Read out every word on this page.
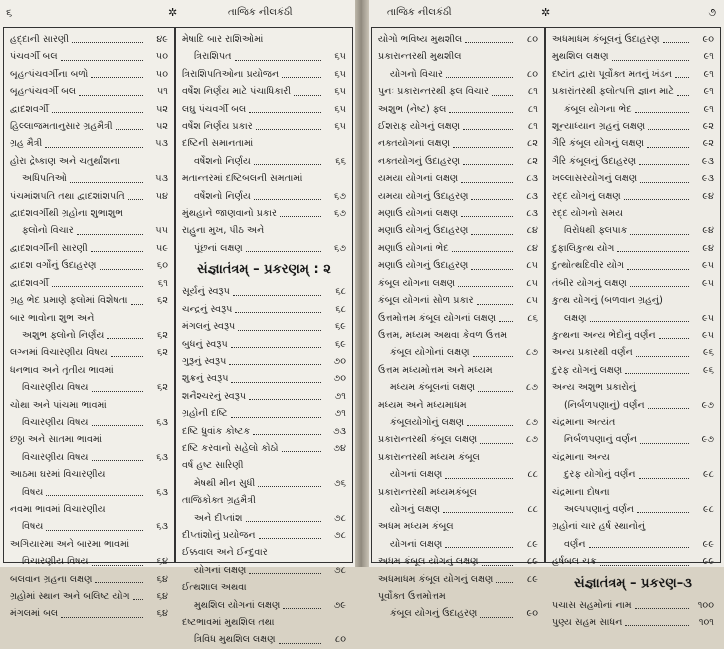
૬	✲	તાજિક નીલકંઠી
હદ્દાની સારણી	૪૯
પંચવર્ગી બલ	૫૦
બૃહત્પંચવર્ગીના બળો	૫૦
બૃહત્પંચવર્ગી બલ	૫૧
દ્વાદશવર્ગી	૫૨
હિલ્લાજમતાનુસાર ગ્રહમૈત્રી	૫૨
ગ્રહ મૈત્રી	૫૩
હોરા દ્રેષ્કાણ અને ચતુર્થાંશના
અધિપતિઓ	૫૩
પંચમાંશપતિ તથા દ્વાદશાંશપતિ	૫૪
દ્વાદશવર્ગીથી ગ્રહોના શુભાશુભ
ફ્લોનો વિચાર	૫૫
દ્વાદશવર્ગીની સારણી	૫૯
દ્વાદશ વર્ગોનું ઉદાહરણ	૬૦
દ્વાદશવર્ગી	૬૧
ગ્રહ ભેદ પ્રમાણે ફ્લોમાં વિશેષતા	૬૨
બાર ભાવોના શુભ અને
અશુભ ફ્લોનો નિર્ણય	૬૨
લગ્નમાં વિચારણીય વિષય	૬૨
ધનભાવ અને તૃતીય ભાવમાં
વિચારણીય વિષય	૬૨
ચોથા અને પાંચમા ભાવમાં
વિચારણીય વિષય	૬૩
છઠ્ઠા અને સાતમા ભાવમાં
વિચારણીય વિષય	૬૩
આઠમા ઘરમાં વિચારણીય
વિષય	૬૩
નવમા ભાવમાં વિચારણીય
વિષય	૬૩
અગિયારમા અને બારમા ભાવમાં
વિચારણીય વિષય	૬૪
બલવાન ગ્રહના લક્ષણ	૬૪
ગ્રહોમાં સ્થાન અને બલિષ્ટ યોગ	૬૪
મંગલમાં બલ	૬૪
મેષાદિ બાર રાશિઓમાં
ત્રિરાશિપત	૬૫
ત્રિરાશિપતિઓના પ્રયોજન	૬૫
વર્ષેશ નિર્ણય માટે પંચાધિકારી	૬૫
લઘુ પંચવર્ગી બલ	૬૫
વર્ષેશ નિર્ણય પ્રકાર	૬૫
દષ્ટિની સમાનતામાં
વર્ષેશનો નિર્ણય	૬૬
મતાન્તરમાં દષ્ટિબલની સમતામાં
વર્ષેશનો નિર્ણય	૬૭
મુંથહાને જાણવાનો પ્રકાર	૬૭
રાહુના મુખ, પીઠ અને
પૂંછનાં લક્ષણ	૬૭
સંજ્ઞાતંત્રમ્ – પ્રકરણમ્ : ૨
સૂર્યનું સ્વરૂપ	૬૮
ચન્દ્રનું સ્વરૂપ	૬૮
મંગલનું સ્વરૂપ	૬૯
બુધનું સ્વરૂપ	૬૯
ગુરૂનું સ્વરૂપ	૭૦
શુક્રનું સ્વરૂપ	૭૦
શનૈશ્ચરનું સ્વરૂપ	૭૧
ગ્રહોની દષ્ટિ	૭૧
દષ્ટિ ધ્રુવાંક કોષ્ટક	૭૩
દષ્ટિ કરવાનો સહેલો કોઠો	૭૪
વર્ષ હષ્ટ સારિણી
મેષથી મીન સુધી	૭૬
તાજિકોક્ત ગ્રહમૈત્રી
અને દીપ્તાંશ	૭૮
દીપ્તાંશોનું પ્રયોજન	૭૮
ઈક્કવાલ અને ઈન્દુવાર
યોગનાં લક્ષણ	૭૮
ઈત્થશાલ અથવા
મુથશિલ યોગનાં લક્ષણ	૭૯
દષ્ટભાવમાં મુથશિલ તથા
ત્રિવિધ મુથશિલ લક્ષણ	૮૦
તાજિક નીલકંઠી	✲	૭
યોગો ભવિષ્ય મુથશીલ	૮૦
પ્રકારાન્તરથી મુથશીલ
યોગનો વિચાર	૮૦
પુનઃ પ્રકારાન્તરથી ફ્લ વિચાર	૮૧
અશુભ (નેષ્ટ) ફ્લ	૮૧
ઈશરાફ યોગનું લક્ષણ	૮૧
નક્તયોગનાં લક્ષણ	૮૨
નક્તયોગનું ઉદાહરણ	૮૨
યમયા યોગનાં લક્ષણ	૮૩
યમયા યોગનું ઉદાહરણ	૮૩
મણાઉ યોગનાં લક્ષણ	૮૩
મણાઉ યોગનું ઉદાહરણ	૮૪
મણાઉ યોગનાં ભેદ	૮૪
મણાઉ યોગનું ઉદાહરણ	૮૫
કંબૂલ યોગના લક્ષણ	૮૫
કંબૂલ યોગનાં સોળ પ્રકાર	૮૫
ઉત્તમોત્તમ કંબૂલ યોગનાં લક્ષણ	૮૬
ઉત્તમ, મધ્યમ અથવા કેવળ ઉત્તમ
કંબૂલ યોગોનાં લક્ષણ	૮૭
ઉત્તમ મધ્યમોત્તમ અને મધ્યમ
મધ્યમ કંબૂલનાં લક્ષણ	૮૭
મધ્યમ અને મધ્યમાધમ
કંબૂલયોગોનું લક્ષણ	૮૭
પ્રકારાન્તરથી કંબૂલ લક્ષણ	૮૭
પ્રકારાન્તરથી મધ્યમ કંબૂલ
યોગનાં લક્ષણ	૮૮
પ્રકારાન્તરથી મધ્યમકંબૂલ
યોગનું લક્ષણ	૮૮
અધમ મધ્યમ કંબૂલ
યોગનાં લક્ષણ	૮૯
અધમ કંબૂલ યોગનું લક્ષણ	૮૯
અધમાધમ કંબૂલ યોગનું લક્ષણ	૮૯
પૂર્વોક્ત ઉત્તમોત્તમ
કંબૂલ યોગનું ઉદાહરણ	૯૦
અધમાધમ કંબૂલનું ઉદાહરણ	૯૦
મુથશિલ લક્ષણ	૯૧
દષ્ટાંત દ્વારા પૂર્વોક્ત મતનું ખંડન	૯૧
પ્રકારાંતરથી ફ્લોત્પત્તિ જ્ઞાન માટે	૯૧
કંબૂલ યોગના ભેદ	૯૧
શૂન્યાધ્યાન ગ્રહનું લક્ષણ	૯૨
ગૈરિ કંબૂલ યોગનું લક્ષણ	૯૨
ગૈરિ કંબૂલનું ઉદાહરણ	૯૩
ખલ્લાસરયોગનું લક્ષણ	૯૩
રદ્દ યોગનું લક્ષણ	૯૪
રદ્દ યોગનો સમય
વિરોધથી ફ્લપાક	૯૪
દુફાલિકુત્થ યોગ	૯૪
દુત્થોત્થદિવીર યોગ	૯૫
તંબીર યોગનું લક્ષણ	૯૫
કુત્થ યોગનું (બળવાન ગ્રહનું)
લક્ષણ	૯૫
કુત્થના અન્ય ભેદોનું વર્ણન	૯૫
અન્ય પ્રકારથી વર્ણન	૯૬
દુરફ યોગનું લક્ષણ	૯૬
અન્ય અશુભ પ્રકારોનું
(નિર્બળપણાનું) વર્ણન	૯૭
ચંદ્રમાના અત્યંત
નિર્બળપણાનું વર્ણન	૯૭
ચંદ્રમાના અન્ય
દુરફ યોગોનું વર્ણન	૯૮
ચંદ્રમાના દોષના
અલ્પપણાનું વર્ણન	૯૮
ગ્રહોનાં ચાર હર્ષ સ્થાનોનું
વર્ણન	૯૯
હર્ષબલ ચક્ર	૯૯
સંજ્ઞાતંત્રમ્ – પ્રકરણ–૩
પચાસ સહમોનાં નામ	૧૦૦
પુણ્ય સહમ સાધન	૧૦૧
